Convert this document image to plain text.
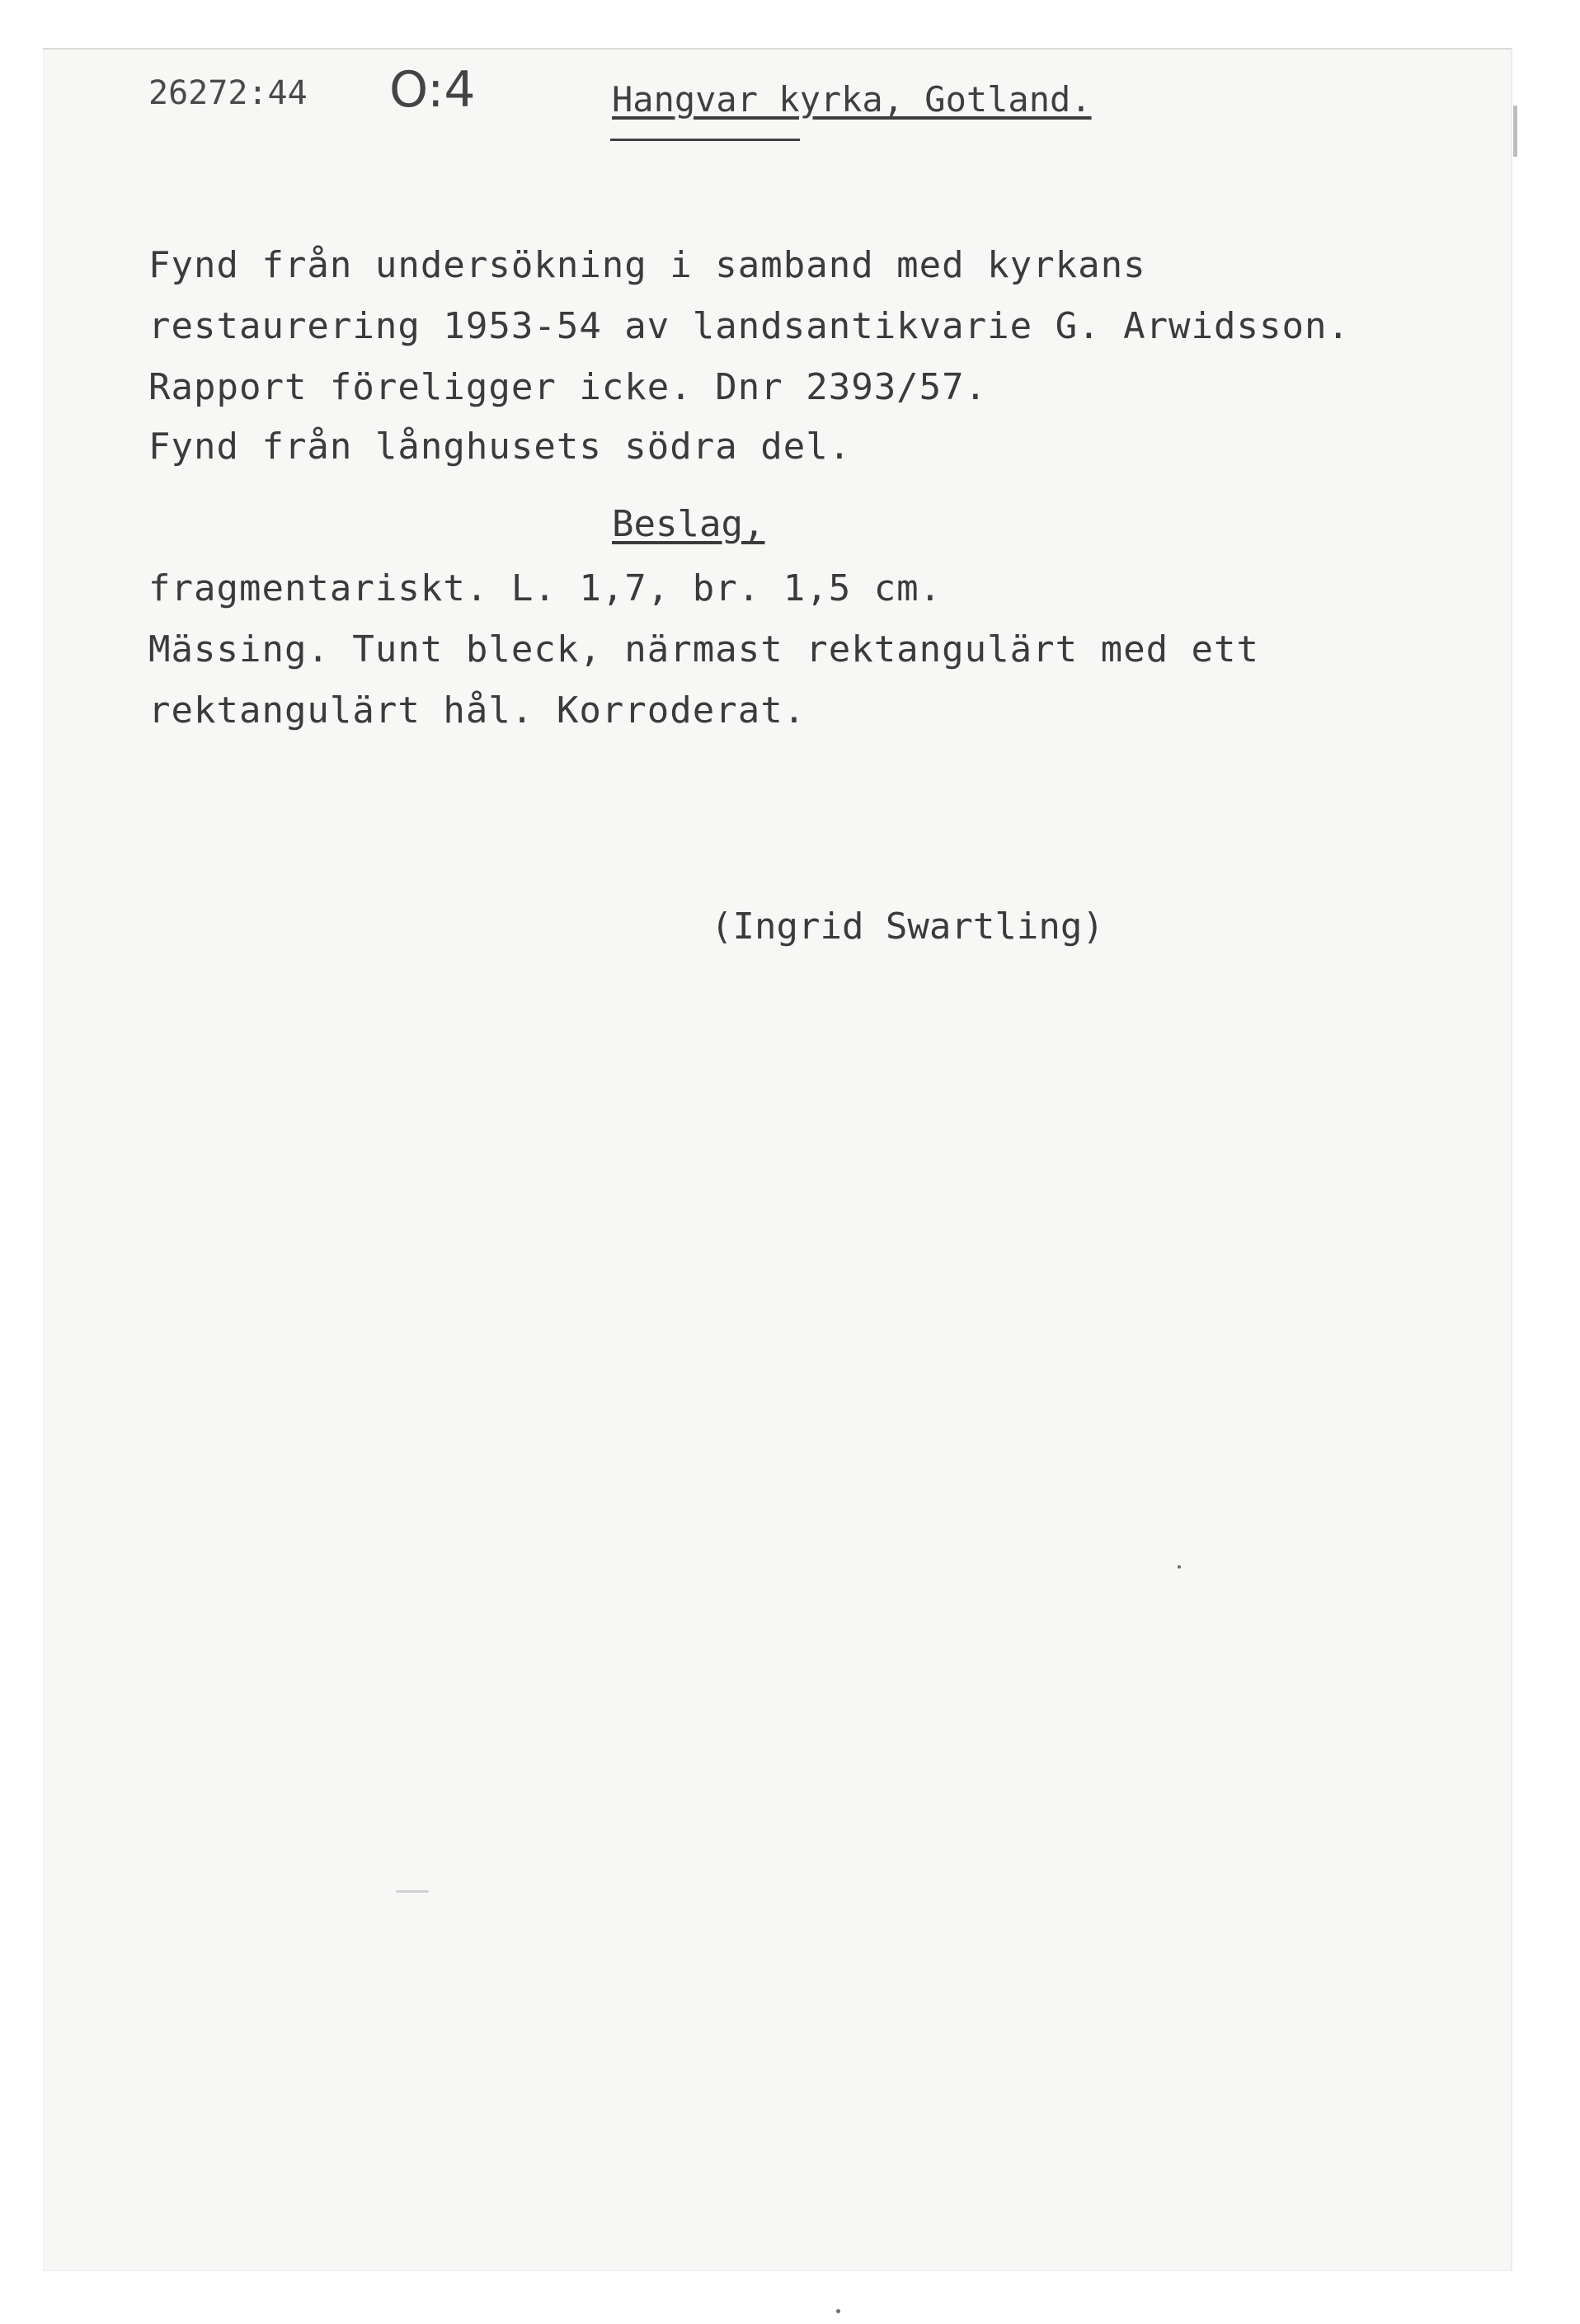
26272:44 O:4	Hangvar kyrka, Gotland.
Fynd från undersökning i samband med kyrkans
restaurering 1953-54 av landsantikvarie G. Arwidsson.
Rapport föreligger icke. Dnr 2393/57.
Fynd från långhusets södra del.
Beslag,
fragmentariskt. L. 1,7, br. 1,5 cm.
Mässing. Tunt bleck, närmast rektangulärt med ett
rektangulärt hål. Korroderat.
(Ingrid Swartling)
